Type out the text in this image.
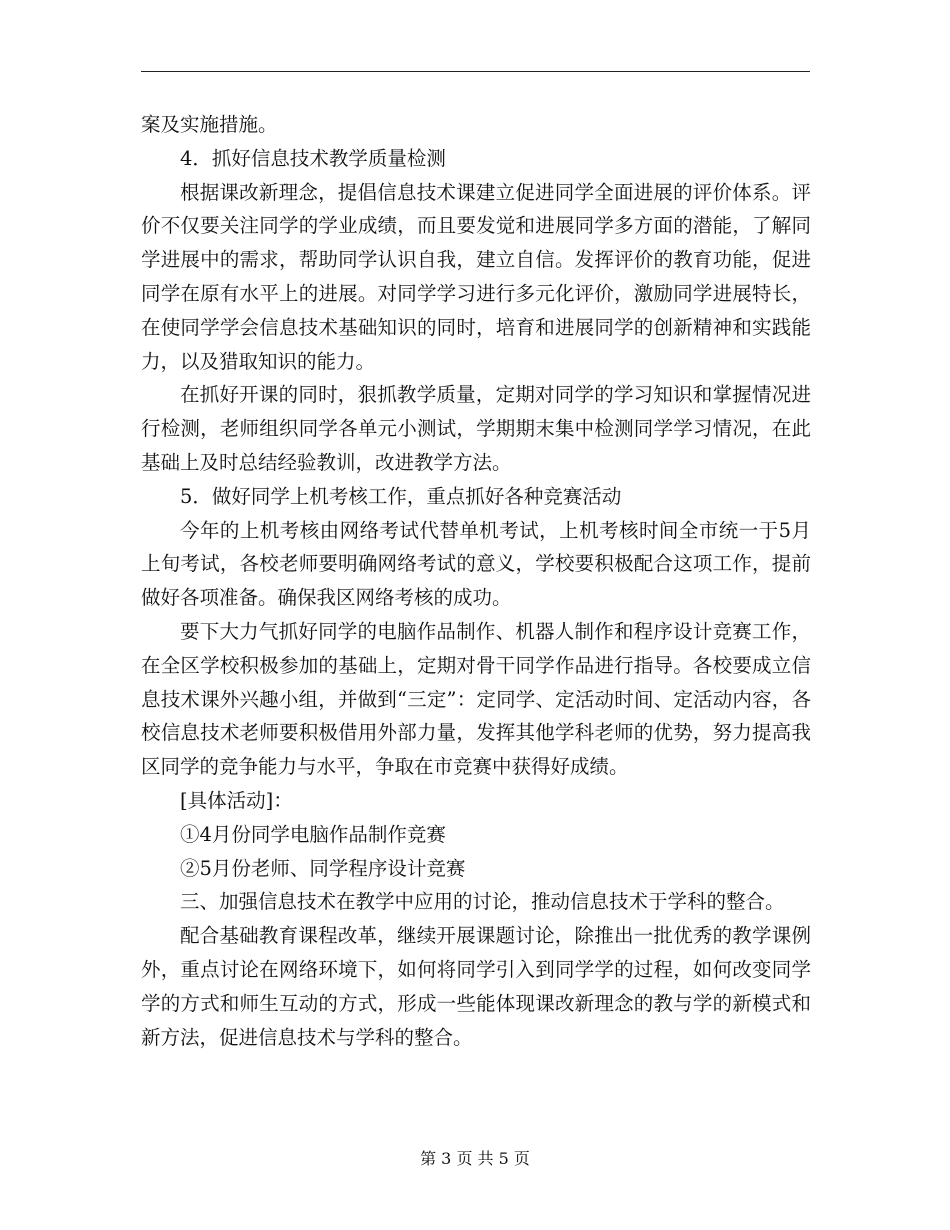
案及实施措施。

4．抓好信息技术教学质量检测

根据课改新理念，提倡信息技术课建立促进同学全面进展的评价体系。评价不仅要关注同学的学业成绩，而且要发觉和进展同学多方面的潜能，了解同学进展中的需求，帮助同学认识自我，建立自信。发挥评价的教育功能，促进同学在原有水平上的进展。对同学学习进行多元化评价，激励同学进展特长，在使同学学会信息技术基础知识的同时，培育和进展同学的创新精神和实践能力，以及猎取知识的能力。

在抓好开课的同时，狠抓教学质量，定期对同学的学习知识和掌握情况进行检测，老师组织同学各单元小测试，学期期末集中检测同学学习情况，在此基础上及时总结经验教训，改进教学方法。

5．做好同学上机考核工作，重点抓好各种竞赛活动

今年的上机考核由网络考试代替单机考试，上机考核时间全市统一于5月上旬考试，各校老师要明确网络考试的意义，学校要积极配合这项工作，提前做好各项准备。确保我区网络考核的成功。

要下大力气抓好同学的电脑作品制作、机器人制作和程序设计竞赛工作，在全区学校积极参加的基础上，定期对骨干同学作品进行指导。各校要成立信息技术课外兴趣小组，并做到“三定”：定同学、定活动时间、定活动内容，各校信息技术老师要积极借用外部力量，发挥其他学科老师的优势，努力提高我区同学的竞争能力与水平，争取在市竞赛中获得好成绩。

[具体活动]：

①4月份同学电脑作品制作竞赛

②5月份老师、同学程序设计竞赛

三、加强信息技术在教学中应用的讨论，推动信息技术于学科的整合。

配合基础教育课程改革，继续开展课题讨论，除推出一批优秀的教学课例外，重点讨论在网络环境下，如何将同学引入到同学学的过程，如何改变同学学的方式和师生互动的方式，形成一些能体现课改新理念的教与学的新模式和新方法，促进信息技术与学科的整合。

第 3 页 共 5 页
